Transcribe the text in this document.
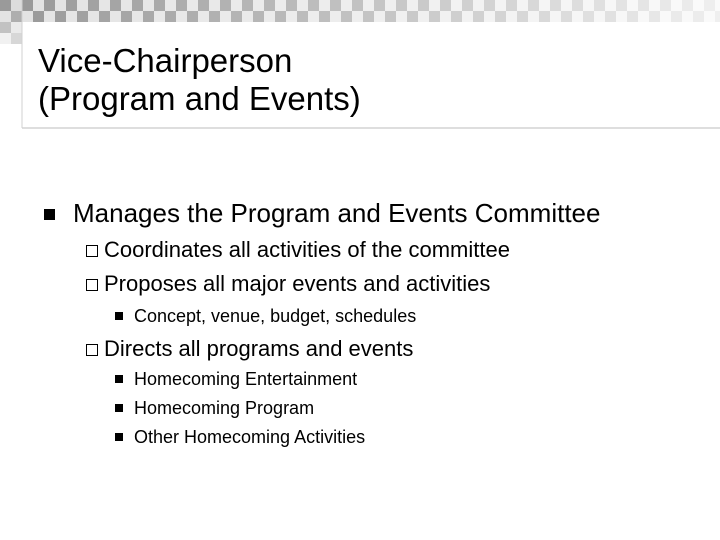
Vice-Chairperson
(Program and Events)
Manages the Program and Events Committee
Coordinates all activities of the committee
Proposes all major events and activities
Concept, venue, budget, schedules
Directs all programs and events
Homecoming Entertainment
Homecoming Program
Other Homecoming Activities
